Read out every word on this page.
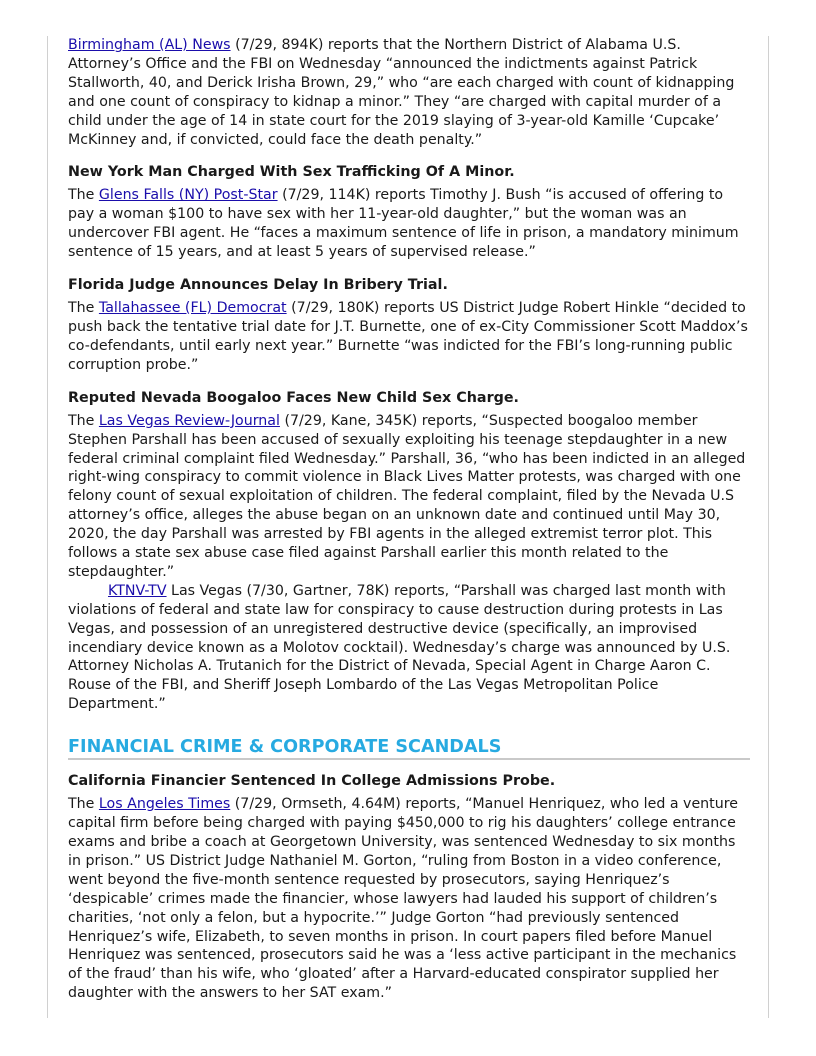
Birmingham (AL) News (7/29, 894K) reports that the Northern District of Alabama U.S. Attorney’s Office and the FBI on Wednesday “announced the indictments against Patrick Stallworth, 40, and Derick Irisha Brown, 29,” who “are each charged with count of kidnapping and one count of conspiracy to kidnap a minor.” They “are charged with capital murder of a child under the age of 14 in state court for the 2019 slaying of 3-year-old Kamille ‘Cupcake’ McKinney and, if convicted, could face the death penalty.”

New York Man Charged With Sex Trafficking Of A Minor.

The Glens Falls (NY) Post-Star (7/29, 114K) reports Timothy J. Bush “is accused of offering to pay a woman $100 to have sex with her 11-year-old daughter,” but the woman was an undercover FBI agent. He “faces a maximum sentence of life in prison, a mandatory minimum sentence of 15 years, and at least 5 years of supervised release.”

Florida Judge Announces Delay In Bribery Trial.

The Tallahassee (FL) Democrat (7/29, 180K) reports US District Judge Robert Hinkle “decided to push back the tentative trial date for J.T. Burnette, one of ex-City Commissioner Scott Maddox’s co-defendants, until early next year.” Burnette “was indicted for the FBI’s long-running public corruption probe.”

Reputed Nevada Boogaloo Faces New Child Sex Charge.

The Las Vegas Review-Journal (7/29, Kane, 345K) reports, “Suspected boogaloo member Stephen Parshall has been accused of sexually exploiting his teenage stepdaughter in a new federal criminal complaint filed Wednesday.” Parshall, 36, “who has been indicted in an alleged right-wing conspiracy to commit violence in Black Lives Matter protests, was charged with one felony count of sexual exploitation of children. The federal complaint, filed by the Nevada U.S attorney’s office, alleges the abuse began on an unknown date and continued until May 30, 2020, the day Parshall was arrested by FBI agents in the alleged extremist terror plot. This follows a state sex abuse case filed against Parshall earlier this month related to the stepdaughter.”

KTNV-TV Las Vegas (7/30, Gartner, 78K) reports, “Parshall was charged last month with violations of federal and state law for conspiracy to cause destruction during protests in Las Vegas, and possession of an unregistered destructive device (specifically, an improvised incendiary device known as a Molotov cocktail). Wednesday’s charge was announced by U.S. Attorney Nicholas A. Trutanich for the District of Nevada, Special Agent in Charge Aaron C. Rouse of the FBI, and Sheriff Joseph Lombardo of the Las Vegas Metropolitan Police Department.”

FINANCIAL CRIME & CORPORATE SCANDALS
California Financier Sentenced In College Admissions Probe.

The Los Angeles Times (7/29, Ormseth, 4.64M) reports, “Manuel Henriquez, who led a venture capital firm before being charged with paying $450,000 to rig his daughters’ college entrance exams and bribe a coach at Georgetown University, was sentenced Wednesday to six months in prison.” US District Judge Nathaniel M. Gorton, “ruling from Boston in a video conference, went beyond the five-month sentence requested by prosecutors, saying Henriquez’s ‘despicable’ crimes made the financier, whose lawyers had lauded his support of children’s charities, ‘not only a felon, but a hypocrite.’” Judge Gorton “had previously sentenced Henriquez’s wife, Elizabeth, to seven months in prison. In court papers filed before Manuel Henriquez was sentenced, prosecutors said he was a ‘less active participant in the mechanics of the fraud’ than his wife, who ‘gloated’ after a Harvard-educated conspirator supplied her daughter with the answers to her SAT exam.”
